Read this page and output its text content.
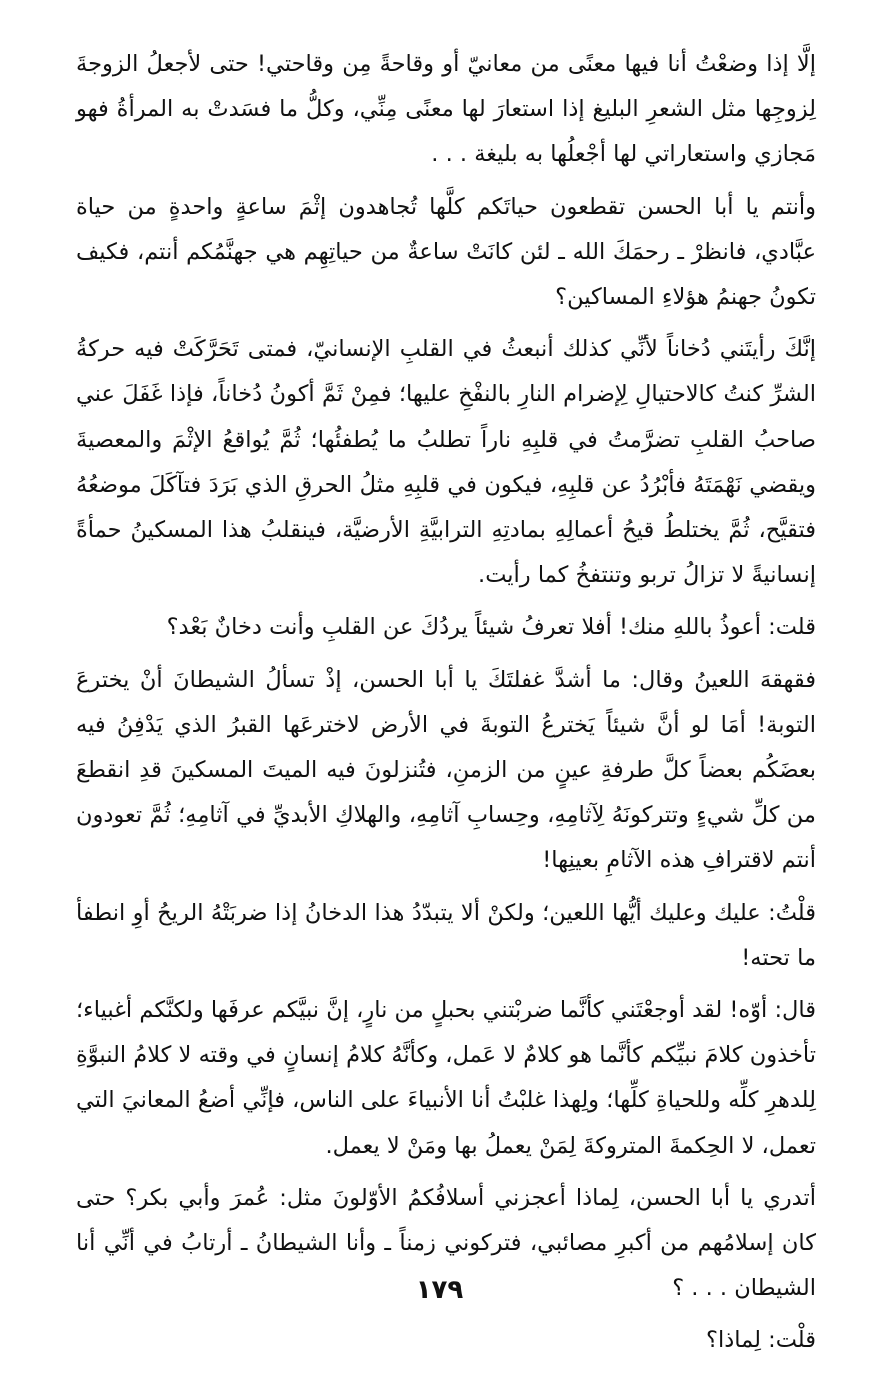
إلَّا إذا وضعْتُ أنا فيها معنًى من معانيّ أو وقاحةً مِن وقاحتي! حتى لأجعلُ الزوجةَ لِزوجِها مثل الشعرِ البليغ إذا استعارَ لها معنًى مِنِّي، وكلُّ ما فسَدتْ به المرأةُ فهو مَجازي واستعاراتي لها أجْعلُها به بليغة . . .

وأنتم يا أبا الحسن تقطعون حياتَكم كلَّها تُجاهدون إثْمَ ساعةٍ واحدةٍ من حياة عبَّادي، فانظرْ ـ رحمَكَ الله ـ لئن كانَتْ ساعةٌ من حياتِهِم هي جهنَّمُكم أنتم، فكيف تكونُ جهنمُ هؤلاءِ المساكين؟

إنَّكَ رأيتَني دُخاناً لأنِّي كذلك أنبعثُ في القلبِ الإنسانيّ، فمتى تَحَرَّكَتْ فيه حركةُ الشرِّ كنتُ كالاحتيالِ لِإضرام النارِ بالنفْخِ عليها؛ فمِنْ ثَمَّ أكونُ دُخاناً، فإذا غَفَلَ عني صاحبُ القلبِ تضرَّمتُ في قلبِهِ ناراً تطلبُ ما يُطفئُها؛ ثُمَّ يُواقعُ الإثْمَ والمعصيةَ ويقضي نَهْمَتَهُ فأبْرُدُ عن قلبِهِ، فيكون في قلبِهِ مثلُ الحرقِ الذي بَرَدَ فتآكَلَ موضعُهُ فتقيَّح، ثُمَّ يختلطُ قيحُ أعمالِهِ بمادتِهِ الترابيَّةِ الأرضيَّة، فينقلبُ هذا المسكينُ حمأةً إنسانيةً لا تزالُ تربو وتنتفخُ كما رأيت.

قلت: أعوذُ باللهِ منك! أفلا تعرفُ شيئاً يردُكَ عن القلبِ وأنت دخانٌ بَعْد؟

فقهقهَ اللعينُ وقال: ما أشدَّ غفلتَكَ يا أبا الحسن، إذْ تسألُ الشيطانَ أنْ يخترعَ التوبة! أمَا لو أنَّ شيئاً يَخترعُ التوبةَ في الأرض لاخترعَها القبرُ الذي يَدْفِنُ فيه بعضَكُم بعضاً كلَّ طرفةِ عينٍ من الزمنِ، فتُنزلونَ فيه الميتَ المسكينَ قدِ انقطعَ من كلِّ شيءٍ وتتركونَهُ لِآثامِهِ، وحِسابِ آثامِهِ، والهلاكِ الأبديِّ في آثامِهِ؛ ثُمَّ تعودون أنتم لاقترافِ هذه الآثامِ بعينِها!

قلْتُ: عليك وعليك أيُّها اللعين؛ ولكنْ ألا يتبدّدُ هذا الدخانُ إذا ضربَتْهُ الريحُ أوِ انطفأ ما تحته!

قال: أوّه! لقد أوجعْتَني كأنَّما ضربْتني بحبلٍ من نارٍ، إنَّ نبيَّكم عرفَها ولكنَّكم أغبياء؛ تأخذون كلامَ نبيِّكم كأنَّما هو كلامٌ لا عَمل، وكأنَّهُ كلامُ إنسانٍ في وقته لا كلامُ النبوَّةِ لِلدهرِ كلِّه وللحياةِ كلِّها؛ ولِهذا غلبْتُ أنا الأنبياءَ على الناس، فإنِّي أضعُ المعانيَ التي تعمل، لا الحِكمةَ المتروكةَ لِمَنْ يعملُ بها ومَنْ لا يعمل.

أتدري يا أبا الحسن، لِماذا أعجزني أسلافُكمُ الأوّلونَ مثل: عُمرَ وأبي بكر؟ حتى كان إسلامُهم من أكبرِ مصائبي، فتركوني زمناً ـ وأنا الشيطانُ ـ أرتابُ في أنِّي أنا الشيطان . . . ؟

قلْت: لِماذا؟

١٧٩
